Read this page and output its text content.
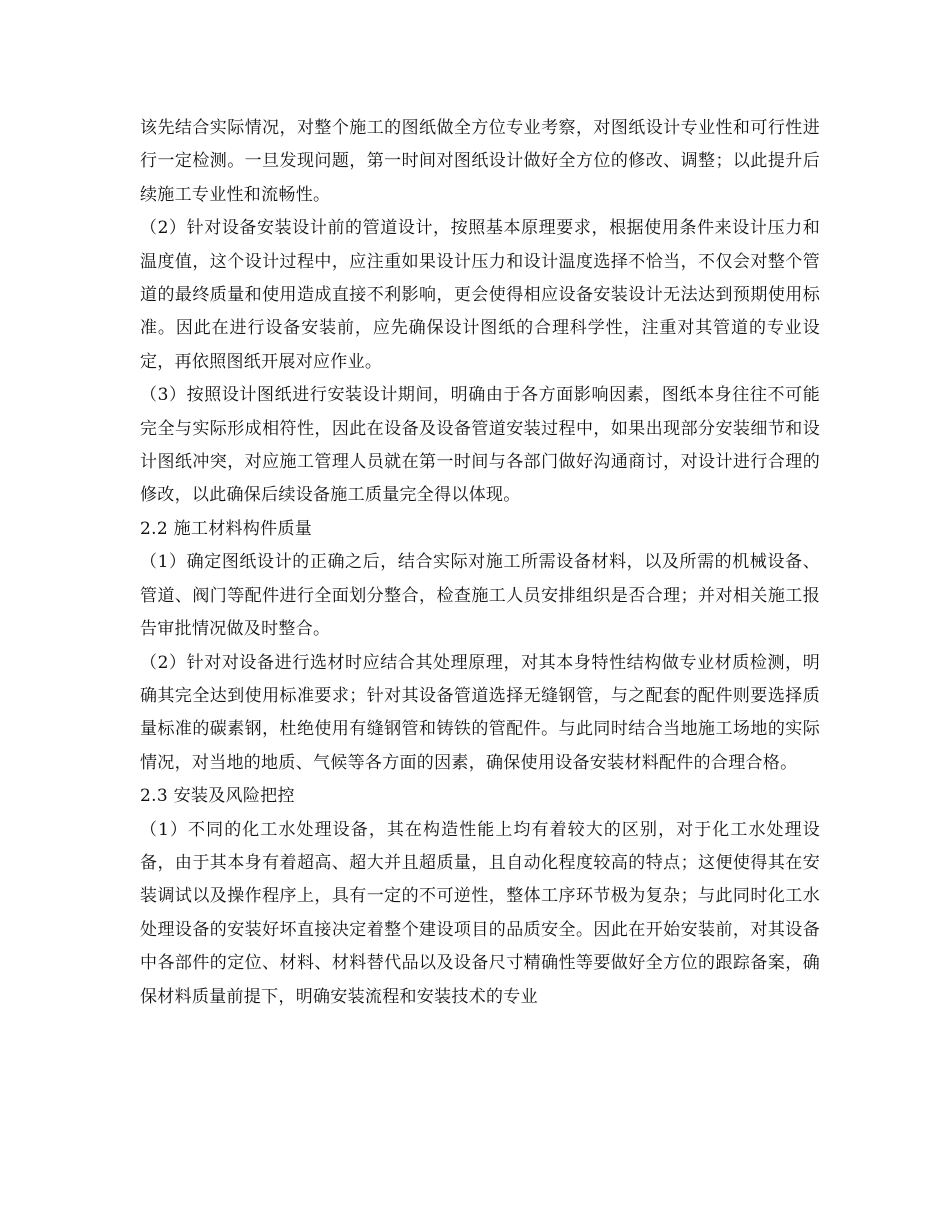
该先结合实际情况，对整个施工的图纸做全方位专业考察，对图纸设计专业性和可行性进行一定检测。一旦发现问题，第一时间对图纸设计做好全方位的修改、调整；以此提升后续施工专业性和流畅性。

（2）针对设备安装设计前的管道设计，按照基本原理要求，根据使用条件来设计压力和温度值，这个设计过程中，应注重如果设计压力和设计温度选择不恰当，不仅会对整个管道的最终质量和使用造成直接不利影响，更会使得相应设备安装设计无法达到预期使用标准。因此在进行设备安装前，应先确保设计图纸的合理科学性，注重对其管道的专业设定，再依照图纸开展对应作业。

（3）按照设计图纸进行安装设计期间，明确由于各方面影响因素，图纸本身往往不可能完全与实际形成相符性，因此在设备及设备管道安装过程中，如果出现部分安装细节和设计图纸冲突，对应施工管理人员就在第一时间与各部门做好沟通商讨，对设计进行合理的修改，以此确保后续设备施工质量完全得以体现。

2.2 施工材料构件质量

（1）确定图纸设计的正确之后，结合实际对施工所需设备材料，以及所需的机械设备、管道、阀门等配件进行全面划分整合，检查施工人员安排组织是否合理；并对相关施工报告审批情况做及时整合。

（2）针对对设备进行选材时应结合其处理原理，对其本身特性结构做专业材质检测，明确其完全达到使用标准要求；针对其设备管道选择无缝钢管，与之配套的配件则要选择质量标准的碳素钢，杜绝使用有缝钢管和铸铁的管配件。与此同时结合当地施工场地的实际情况，对当地的地质、气候等各方面的因素，确保使用设备安装材料配件的合理合格。

2.3 安装及风险把控

（1）不同的化工水处理设备，其在构造性能上均有着较大的区别，对于化工水处理设备，由于其本身有着超高、超大并且超质量，且自动化程度较高的特点；这便使得其在安装调试以及操作程序上，具有一定的不可逆性，整体工序环节极为复杂；与此同时化工水处理设备的安装好坏直接决定着整个建设项目的品质安全。因此在开始安装前，对其设备中各部件的定位、材料、材料替代品以及设备尺寸精确性等要做好全方位的跟踪备案，确保材料质量前提下，明确安装流程和安装技术的专业
